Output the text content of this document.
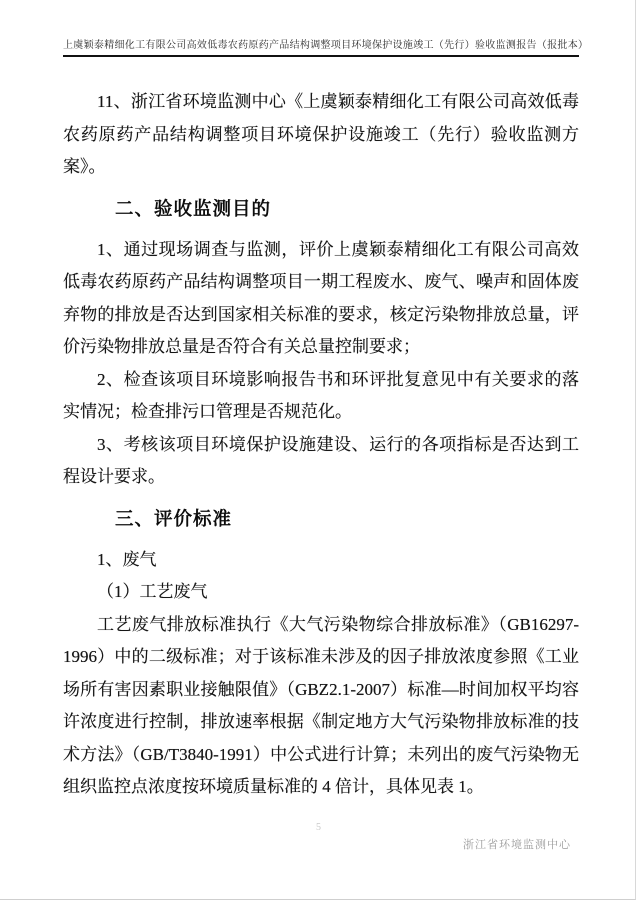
上虞颖泰精细化工有限公司高效低毒农药原药产品结构调整项目环境保护设施竣工（先行）验收监测报告（报批本）

11、浙江省环境监测中心《上虞颖泰精细化工有限公司高效低毒农药原药产品结构调整项目环境保护设施竣工（先行）验收监测方案》。

二、验收监测目的

1、通过现场调查与监测，评价上虞颖泰精细化工有限公司高效低毒农药原药产品结构调整项目一期工程废水、废气、噪声和固体废弃物的排放是否达到国家相关标准的要求，核定污染物排放总量，评价污染物排放总量是否符合有关总量控制要求；

2、检查该项目环境影响报告书和环评批复意见中有关要求的落实情况；检查排污口管理是否规范化。

3、考核该项目环境保护设施建设、运行的各项指标是否达到工程设计要求。

三、评价标准

1、废气

（1）工艺废气

工艺废气排放标准执行《大气污染物综合排放标准》（GB16297-1996）中的二级标准；对于该标准未涉及的因子排放浓度参照《工业场所有害因素职业接触限值》（GBZ2.1-2007）标准—时间加权平均容许浓度进行控制，排放速率根据《制定地方大气污染物排放标准的技术方法》（GB/T3840-1991）中公式进行计算；未列出的废气污染物无组织监控点浓度按环境质量标准的 4 倍计，具体见表 1。

5
浙江省环境监测中心
